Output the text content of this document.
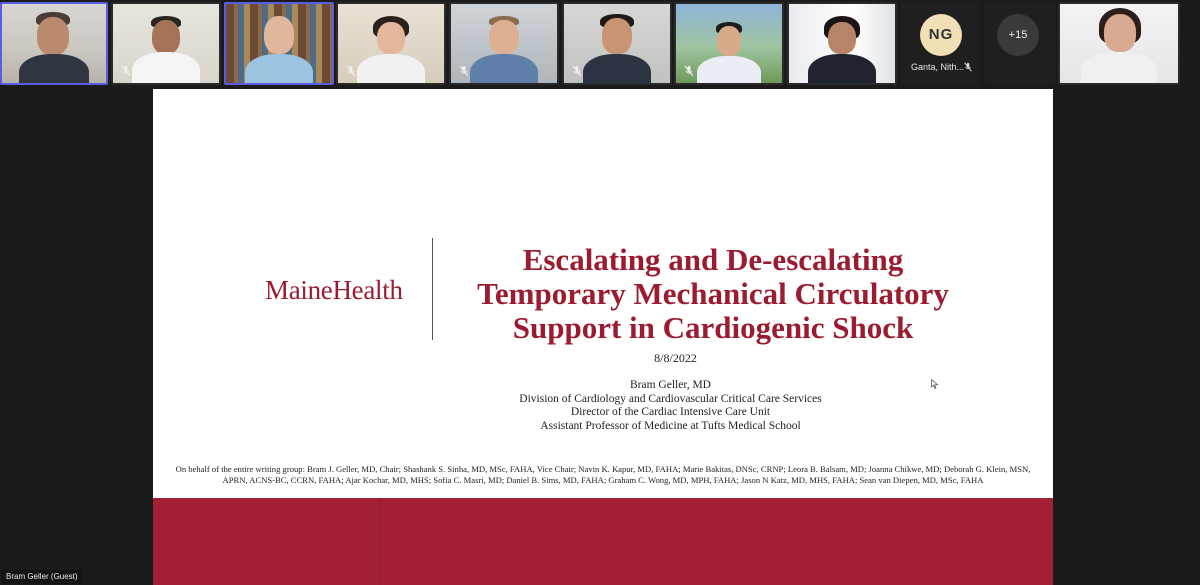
NG
Ganta, Nith...
+15
MaineHealth
Escalating and De-escalating
Temporary Mechanical Circulatory
Support in Cardiogenic Shock
8/8/2022
Bram Geller, MD
Division of Cardiology and Cardiovascular Critical Care Services
Director of the Cardiac Intensive Care Unit
Assistant Professor of Medicine at Tufts Medical School
On behalf of the entire writing group: Bram J. Geller, MD, Chair; Shashank S. Sinha, MD, MSc, FAHA, Vice Chair; Navin K. Kapur, MD, FAHA; Marie Bakitas, DNSc, CRNP; Leora B. Balsam, MD; Joanna Chikwe, MD; Deborah G. Klein, MSN,
APRN, ACNS-BC, CCRN, FAHA; Ajar Kochar, MD, MHS; Sofia C. Masri, MD; Daniel B. Sims, MD, FAHA; Graham C. Wong, MD, MPH, FAHA; Jason N Katz, MD, MHS, FAHA; Sean van Diepen, MD, MSc, FAHA
Bram Geller (Guest)
